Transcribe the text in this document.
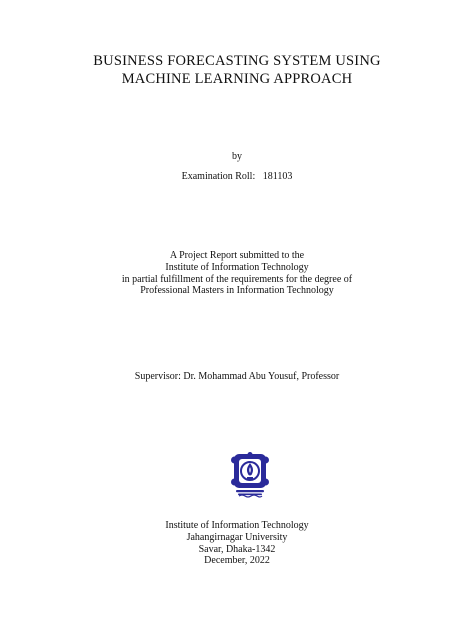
BUSINESS FORECASTING SYSTEM USING
MACHINE LEARNING APPROACH
by
Examination Roll: 181103
A Project Report submitted to the
Institute of Information Technology
in partial fulfillment of the requirements for the degree of
Professional Masters in Information Technology
Supervisor: Dr. Mohammad Abu Yousuf, Professor
Institute of Information Technology
Jahangirnagar University
Savar, Dhaka-1342
December, 2022
